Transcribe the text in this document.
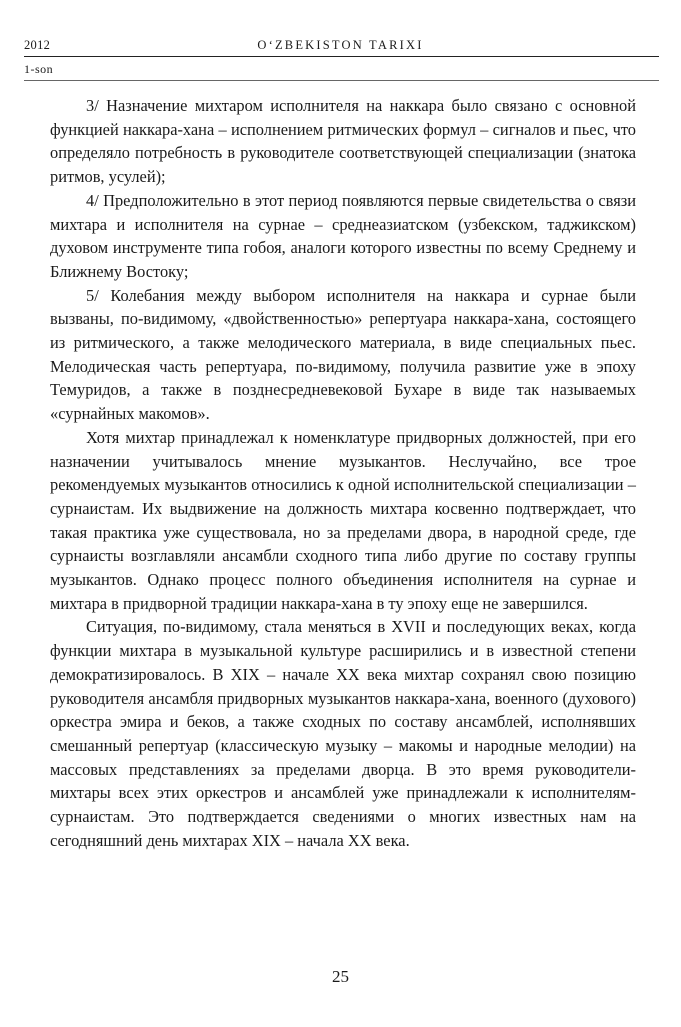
2012	O‘ZBEKISTON TARIXI
1-son

3/ Назначение михтаром исполнителя на наккара было связано с основной функцией наккара-хана – исполнением ритмических формул – сигналов и пьес, что определяло потребность в руководителе соответствующей специализации (знатока ритмов, усулей);

4/ Предположительно в этот период появляются первые свидетельства о связи михтара и исполнителя на сурнае – среднеазиатском (узбекском, таджикском) духовом инструменте типа гобоя, аналоги которого известны по всему Среднему и Ближнему Востоку;

5/ Колебания между выбором исполнителя на наккара и сурнае были вызваны, по-видимому, «двойственностью» репертуара наккара-хана, состоящего из ритмического, а также мелодического материала, в виде специальных пьес. Мелодическая часть репертуара, по-видимому, получила развитие уже в эпоху Темуридов, а также в позднесредневековой Бухаре в виде так называемых «сурнайных макомов».

Хотя михтар принадлежал к номенклатуре придворных должностей, при его назначении учитывалось мнение музыкантов. Неслучайно, все трое рекомендуемых музыкантов относились к одной исполнительской специализации – сурнаистам. Их выдвижение на должность михтара косвенно подтверждает, что такая практика уже существовала, но за пределами двора, в народной среде, где сурнаисты возглавляли ансамбли сходного типа либо другие по составу группы музыкантов. Однако процесс полного объединения исполнителя на сурнае и михтара в придворной традиции наккара-хана в ту эпоху еще не завершился.

Ситуация, по-видимому, стала меняться в XVII и последующих веках, когда функции михтара в музыкальной культуре расширились и в известной степени демократизировалось. В XIX – начале XX века михтар сохранял свою позицию руководителя ансамбля придворных музыкантов наккара-хана, военного (духового) оркестра эмира и беков, а также сходных по составу ансамблей, исполнявших смешанный репертуар (классическую музыку – макомы и народные мелодии) на массовых представлениях за пределами дворца. В это время руководители-михтары всех этих оркестров и ансамблей уже принадлежали к исполнителям-сурнаистам. Это подтверждается сведениями о многих известных нам на сегодняшний день михтарах XIX – начала XX века.

25
